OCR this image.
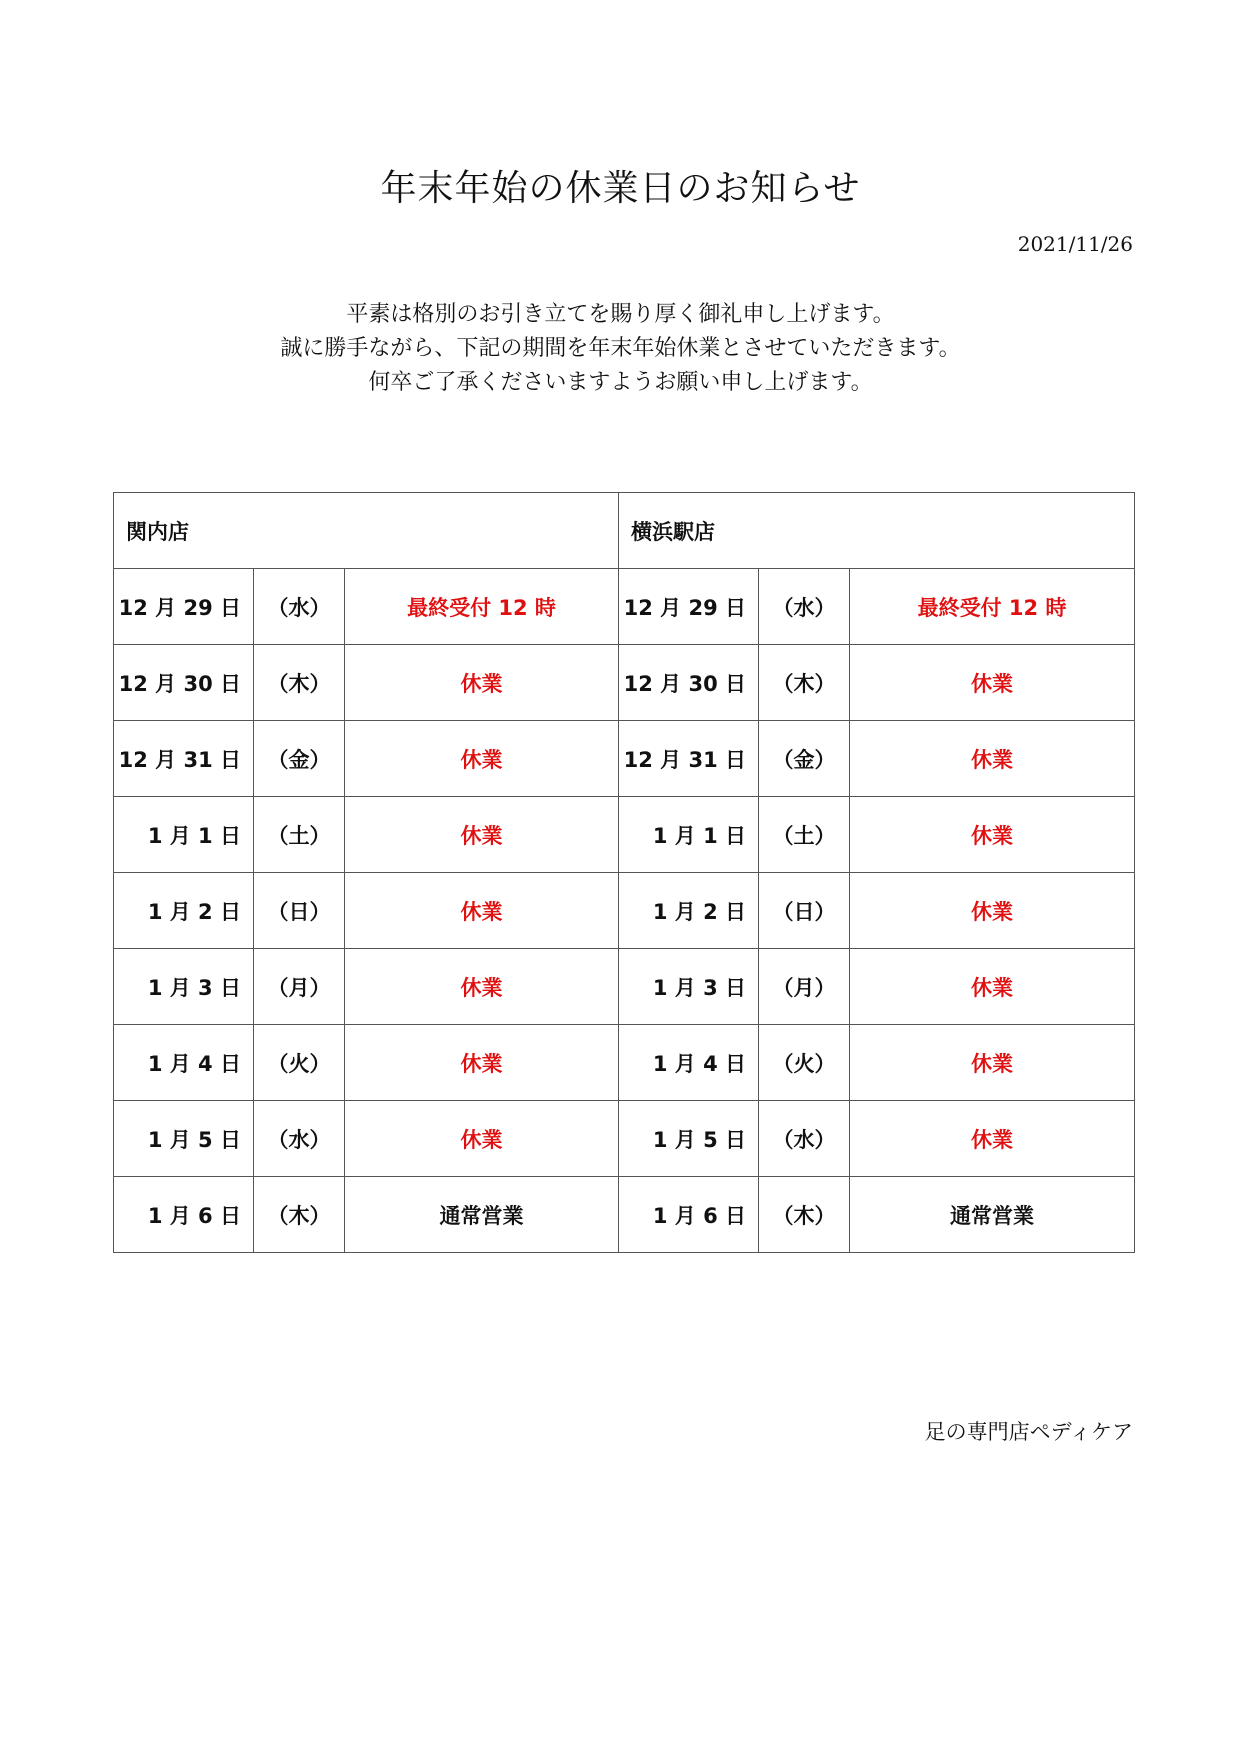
年末年始の休業日のお知らせ
2021/11/26
平素は格別のお引き立てを賜り厚く御礼申し上げます。
誠に勝手ながら、下記の期間を年末年始休業とさせていただきます。
何卒ご了承くださいますようお願い申し上げます。
関内店			横浜駅店		
12 月 29 日	（水）	最終受付 12 時	12 月 29 日	（水）	最終受付 12 時
12 月 30 日	（木）	休業	12 月 30 日	（木）	休業
12 月 31 日	（金）	休業	12 月 31 日	（金）	休業
1 月 1 日	（土）	休業	1 月 1 日	（土）	休業
1 月 2 日	（日）	休業	1 月 2 日	（日）	休業
1 月 3 日	（月）	休業	1 月 3 日	（月）	休業
1 月 4 日	（火）	休業	1 月 4 日	（火）	休業
1 月 5 日	（水）	休業	1 月 5 日	（水）	休業
1 月 6 日	（木）	通常営業	1 月 6 日	（木）	通常営業
足の専門店ペディケア
